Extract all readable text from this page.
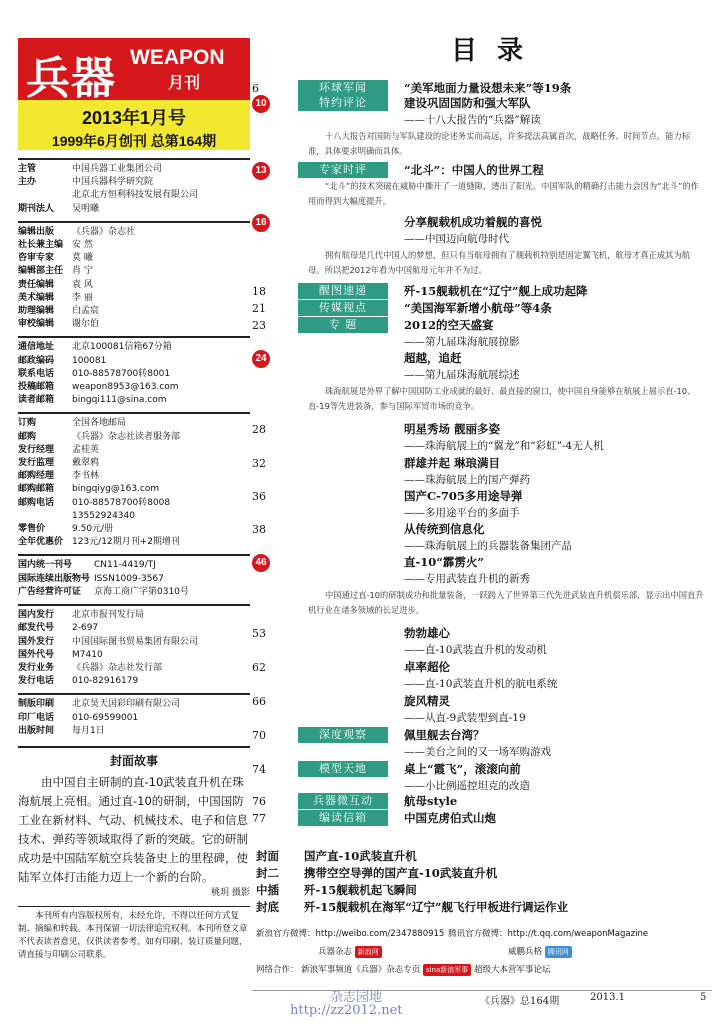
兵器 WEAPON
月刊
2013年1月号
1999年6月创刊 总第164期
主管	中国兵器工业集团公司
主办	中国兵器科学研究院
北京北方恒利科技发展有限公司
期刊法人	吴明曦
编辑出版	《兵器》杂志社
社长兼主编 安 然
咨审专家	莫 曦
编辑部主任 肖 宁
责任编辑	袁 风
美术编辑	李 丽
助理编辑	白孟宸
审校编辑	谢尔伯
通信地址	北京100081信箱67分箱
邮政编码	100081
联系电话	010-88578700转8001
投稿邮箱	weapon8953@163.com
读者邮箱	bingqi111@sina.com
订购	全国各地邮局
邮购	《兵器》杂志社读者服务部
发行经理	孟桂英
发行监理	戴翠鸦
邮购经理	李书林
邮购邮箱	bingqiyg@163.com
邮购电话	010-88578700转8008
13552924340
零售价	9.50元/册
全年优惠价 123元/12期月刊+2期增刊
国内统一刊号	CN11-4419/TJ
国际连续出版物号 ISSN1009-3567
广告经营许可证	京海工商广字第0310号
国内发行	北京市报刊发行局
邮发代号	2-697
国外发行	中国国际图书贸易集团有限公司
国外代号	M7410
发行业务	《兵器》杂志社发行部
发行电话	010-82916179
制版印刷	北京昊天国彩印刷有限公司
印厂电话	010-69599001
出版时间	每月1日
封面故事
由中国自主研制的直-10武装直升机在珠海航展上亮相。通过直-10的研制，中国国防工业在新材料、气动、机械技术、电子和信息技术、弹药等领域取得了新的突破。它的研制成功是中国陆军航空兵装备史上的里程碑，使陆军立体打击能力迈上一个新的台阶。
桃玥 摄影
本刊所有内容版权所有，未经允许，不得以任何方式复制、摘编和转载。本刊保留一切法律追究权利。本刊所登文章不代表读者意见，仅供读者参考。如有印刷、装订质量问题，请直接与印刷公司联系。
目录
6	环球军闻	“美军地面力量设想未来”等19条
10	特约评论	建设巩固国防和强大军队
——十八大报告的“兵器”解读
十八大报告对国防与军队建设的论述务实而高远，许多提法高属首次，战略任务、时间节点、能力标准，具体要求明确而具体。
13	专家时评	“北斗”：中国人的世界工程
“北斗”的技术突破在威胁中撕开了一道缝隙，透出了阳光。中国军队的精确打击能力会因为“北斗”的作用而得到大幅度提升。
16	分享舰载机成功着舰的喜悦
——中国迈向航母时代
拥有航母是几代中国人的梦想，但只有当航母拥有了舰载机特别是固定翼飞机，航母才真正成其为航母。所以把2012年看为中国航母元年并不为过。
18	醒图速递	歼-15舰载机在“辽宁”舰上成功起降
21	传媒视点	“美国海军新增小航母”等4条
23	专 题	2012的空天盛宴
——第九届珠海航展掠影
24	超越，追赶
——第九届珠海航展综述
珠海航展是外界了解中国国防工业成就的最好、最直接的窗口，使中国自身能够在航展上展示直-10、直-19等先进装备，参与国际军贸市场的竞争。
28	明星秀场 靓丽多姿
——珠海航展上的“翼龙”和“彩虹”-4无人机
32	群雄并起 琳琅满目
——珠海航展上的国产弹药
36	国产C-705多用途导弹
——多用途平台的多面手
38	从传统到信息化
——珠海航展上的兵器装备集团产品
46	直-10“霹雳火”
——专用武装直升机的新秀
中国通过直-10的研制成功和批量装备，一跃跨入了世界第三代先进武装直升机俱乐部，显示出中国直升机行业在诸多领域的长足进步。
53	勃勃雄心
——直-10武装直升机的发动机
62	卓率超伦
——直-10武装直升机的航电系统
66	旋风精灵
——从直-9武装型到直-19
70	深度观察	佩里舰去台湾？
——美台之间的又一场军购游戏
74	模型天地	桌上“霞飞”，滚滚向前
——小比例遥控坦克的改造
76	兵器微互动	航母style
77	编读信箱	中国克虏伯式山炮
封面 国产直-10武装直升机
封二 携带空空导弹的国产直-10武装直升机
中插 歼-15舰载机起飞瞬间
封底 歼-15舰载机在海军“辽宁”舰飞行甲板进行调运作业
新浪官方微博：http://weibo.com/2347880915 腾讯官方微博：http://t.qq.com/weaponMagazine
兵器杂志 新浪网	威鹏兵格 腾讯网
网络合作： 新浪军事频道《兵器》杂志专页 sina新浪军事 超级大本营军事论坛
杂志园地
http://zz2012.net
《兵器》总164期	2013.1	5
